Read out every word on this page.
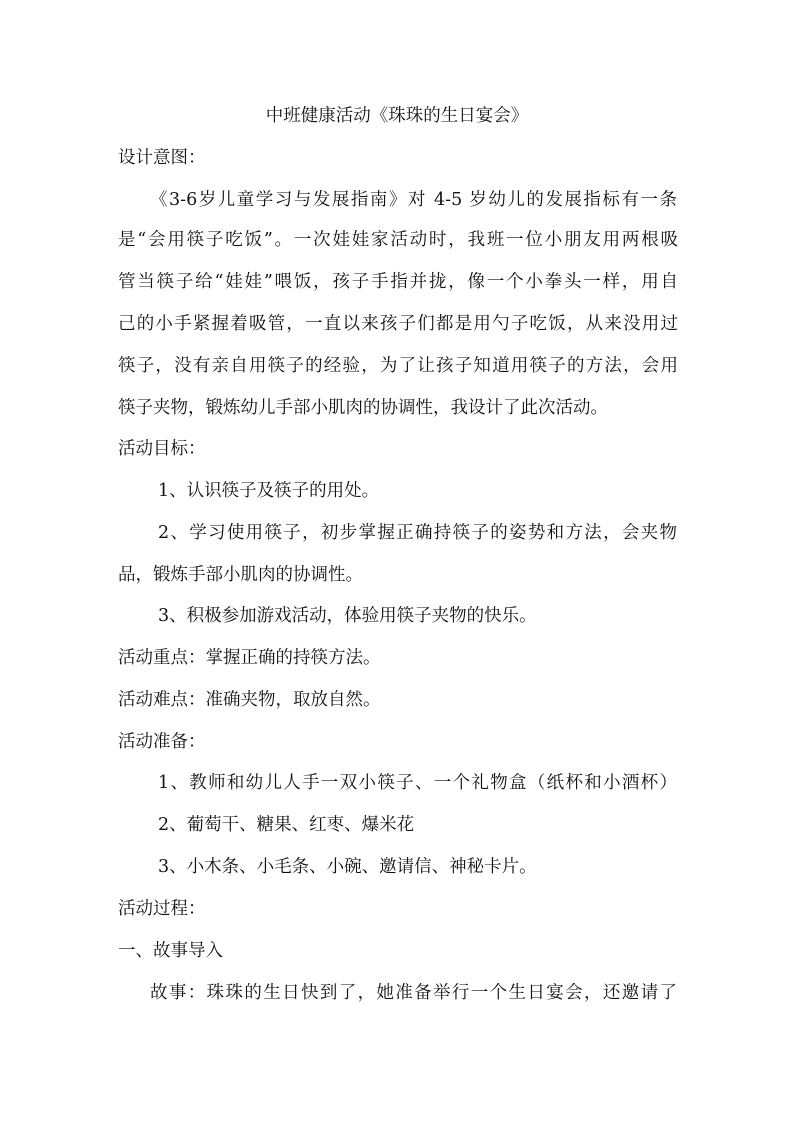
中班健康活动《珠珠的生日宴会》
设计意图：
《3-6岁儿童学习与发展指南》对 4-5 岁幼儿的发展指标有一条
是“会用筷子吃饭”。一次娃娃家活动时，我班一位小朋友用两根吸
管当筷子给“娃娃”喂饭，孩子手指并拢，像一个小拳头一样，用自
己的小手紧握着吸管，一直以来孩子们都是用勺子吃饭，从来没用过
筷子，没有亲自用筷子的经验，为了让孩子知道用筷子的方法，会用
筷子夹物，锻炼幼儿手部小肌肉的协调性，我设计了此次活动。
活动目标：
1、认识筷子及筷子的用处。
2、学习使用筷子，初步掌握正确持筷子的姿势和方法，会夹物
品，锻炼手部小肌肉的协调性。
3、积极参加游戏活动，体验用筷子夹物的快乐。
活动重点：掌握正确的持筷方法。
活动难点：准确夹物，取放自然。
活动准备：
1、教师和幼儿人手一双小筷子、一个礼物盒（纸杯和小酒杯）
2、葡萄干、糖果、红枣、爆米花
3、小木条、小毛条、小碗、邀请信、神秘卡片。
活动过程：
一、故事导入
故事：珠珠的生日快到了，她准备举行一个生日宴会，还邀请了
